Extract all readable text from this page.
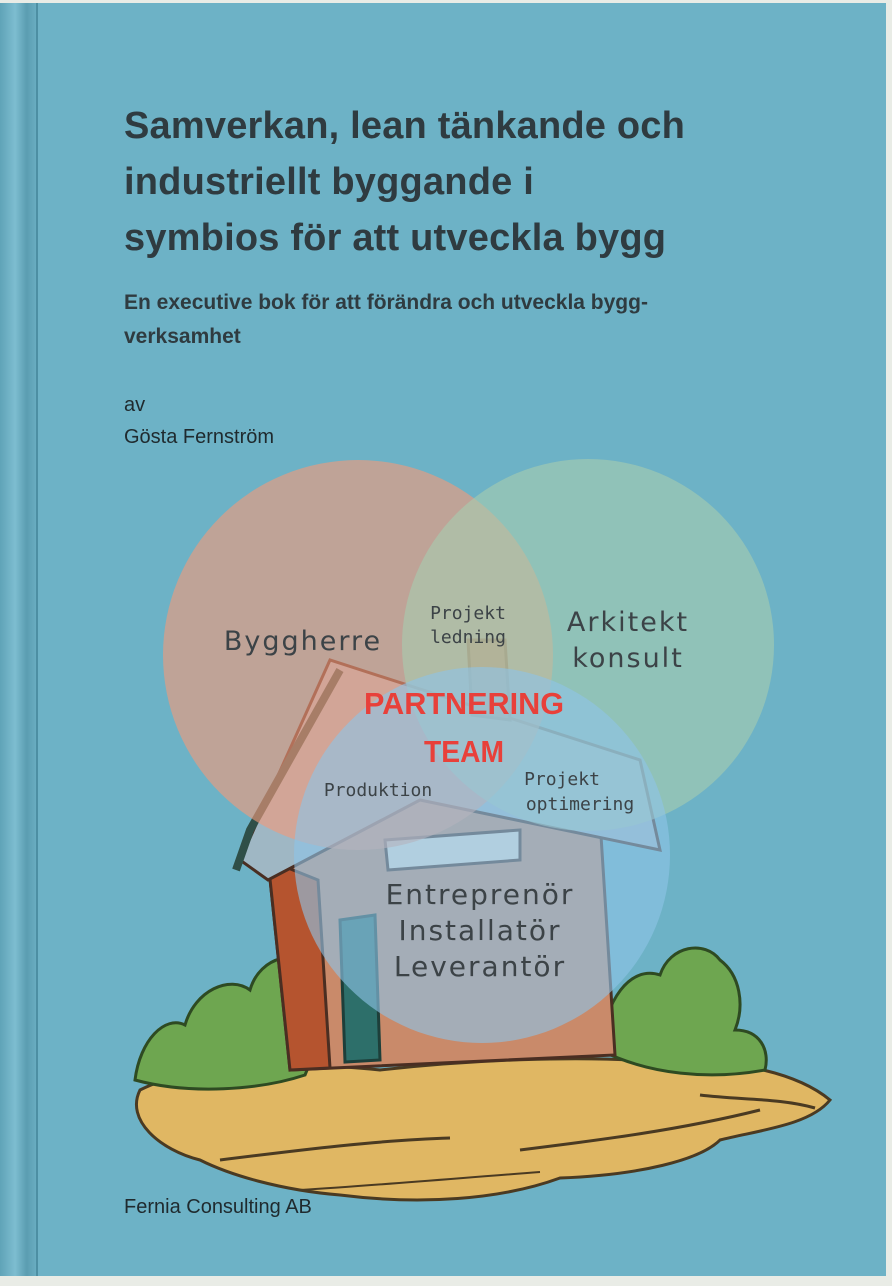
Byggherre
Arkitekt
konsult
Entreprenör
Installatör
Leverantör
Projekt
ledning
Produktion
Projekt
optimering
PARTNERING
TEAM
Samverkan, lean tänkande och
industriellt byggande i
symbios för att utveckla bygg
En executive bok för att förändra och utveckla bygg-
verksamhet
av
Gösta Fernström
Fernia Consulting AB
